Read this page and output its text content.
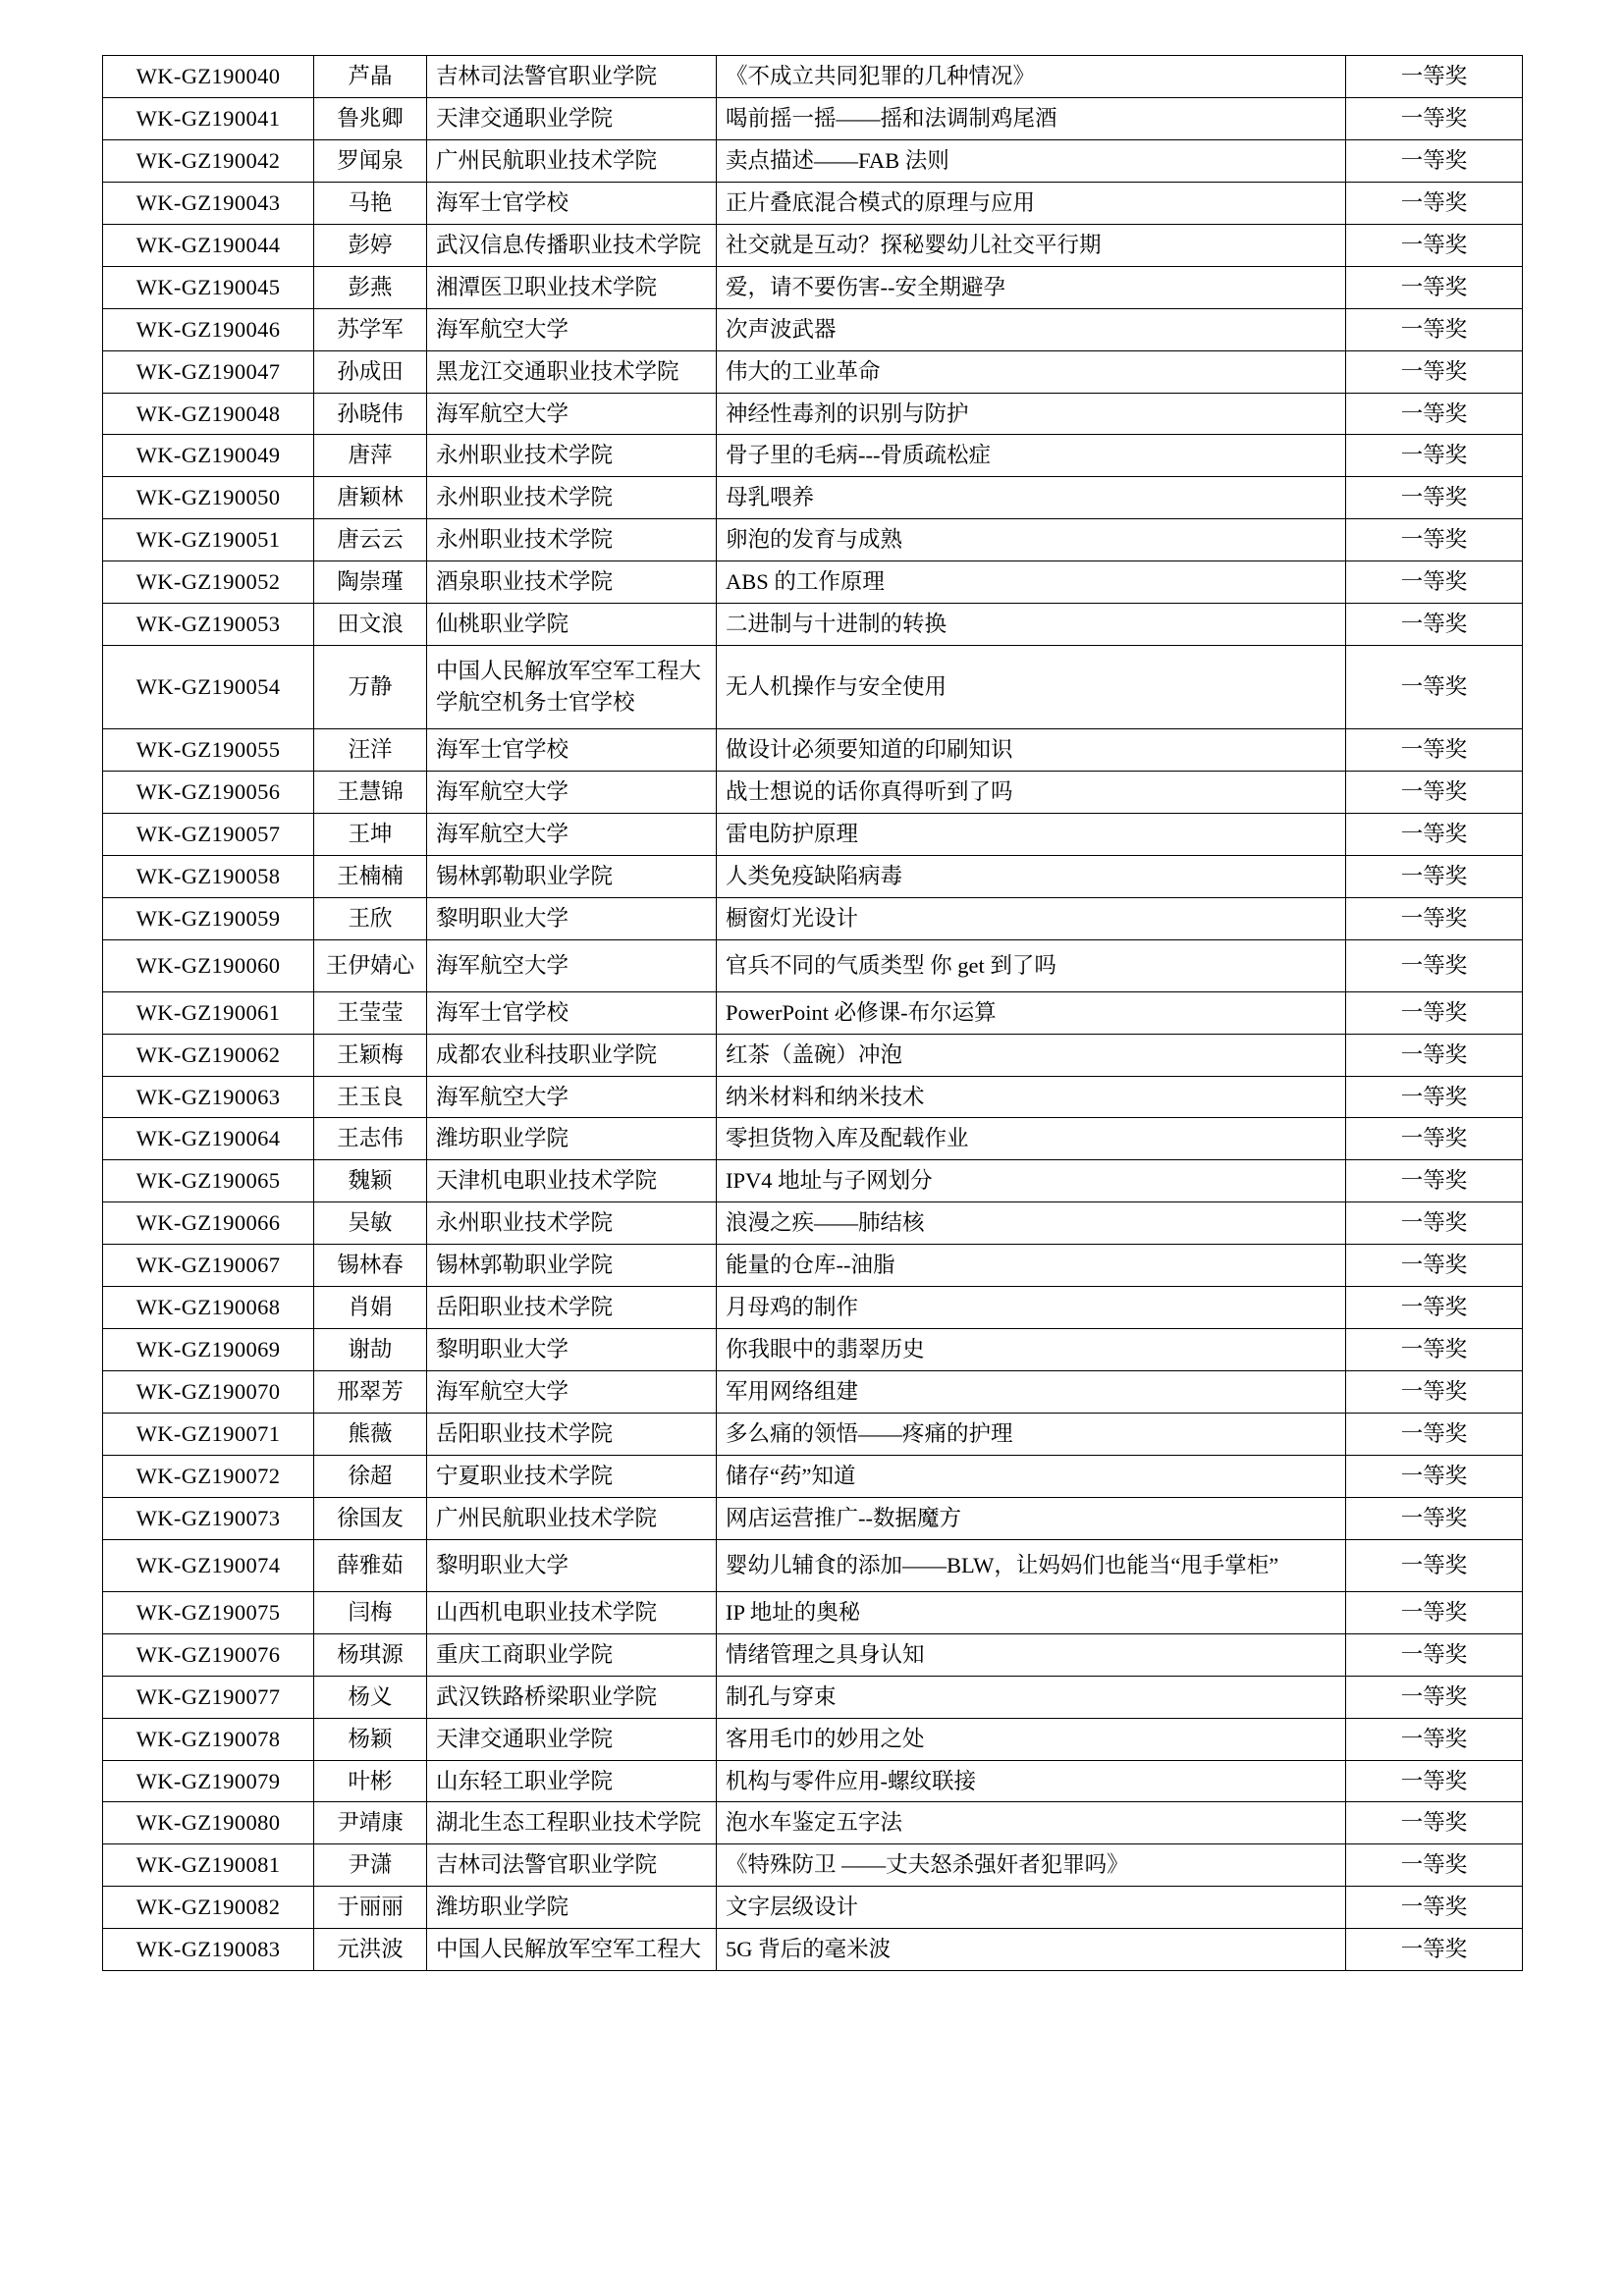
WK-GZ190040	芦晶	吉林司法警官职业学院	《不成立共同犯罪的几种情况》	一等奖
WK-GZ190041	鲁兆卿	天津交通职业学院	喝前摇一摇——摇和法调制鸡尾酒	一等奖
WK-GZ190042	罗闻泉	广州民航职业技术学院	卖点描述——FAB 法则	一等奖
WK-GZ190043	马艳	海军士官学校	正片叠底混合模式的原理与应用	一等奖
WK-GZ190044	彭婷	武汉信息传播职业技术学院	社交就是互动？探秘婴幼儿社交平行期	一等奖
WK-GZ190045	彭燕	湘潭医卫职业技术学院	爱，请不要伤害--安全期避孕	一等奖
WK-GZ190046	苏学军	海军航空大学	次声波武器	一等奖
WK-GZ190047	孙成田	黑龙江交通职业技术学院	伟大的工业革命	一等奖
WK-GZ190048	孙晓伟	海军航空大学	神经性毒剂的识别与防护	一等奖
WK-GZ190049	唐萍	永州职业技术学院	骨子里的毛病---骨质疏松症	一等奖
WK-GZ190050	唐颖林	永州职业技术学院	母乳喂养	一等奖
WK-GZ190051	唐云云	永州职业技术学院	卵泡的发育与成熟	一等奖
WK-GZ190052	陶崇瑾	酒泉职业技术学院	ABS 的工作原理	一等奖
WK-GZ190053	田文浪	仙桃职业学院	二进制与十进制的转换	一等奖
WK-GZ190054	万静	中国人民解放军空军工程大学航空机务士官学校	无人机操作与安全使用	一等奖
WK-GZ190055	汪洋	海军士官学校	做设计必须要知道的印刷知识	一等奖
WK-GZ190056	王慧锦	海军航空大学	战士想说的话你真得听到了吗	一等奖
WK-GZ190057	王坤	海军航空大学	雷电防护原理	一等奖
WK-GZ190058	王楠楠	锡林郭勒职业学院	人类免疫缺陷病毒	一等奖
WK-GZ190059	王欣	黎明职业大学	橱窗灯光设计	一等奖
WK-GZ190060	王伊婧心	海军航空大学	官兵不同的气质类型 你 get 到了吗	一等奖
WK-GZ190061	王莹莹	海军士官学校	PowerPoint 必修课-布尔运算	一等奖
WK-GZ190062	王颖梅	成都农业科技职业学院	红茶（盖碗）冲泡	一等奖
WK-GZ190063	王玉良	海军航空大学	纳米材料和纳米技术	一等奖
WK-GZ190064	王志伟	潍坊职业学院	零担货物入库及配载作业	一等奖
WK-GZ190065	魏颖	天津机电职业技术学院	IPV4 地址与子网划分	一等奖
WK-GZ190066	吴敏	永州职业技术学院	浪漫之疾——肺结核	一等奖
WK-GZ190067	锡林春	锡林郭勒职业学院	能量的仓库--油脂	一等奖
WK-GZ190068	肖娟	岳阳职业技术学院	月母鸡的制作	一等奖
WK-GZ190069	谢劼	黎明职业大学	你我眼中的翡翠历史	一等奖
WK-GZ190070	邢翠芳	海军航空大学	军用网络组建	一等奖
WK-GZ190071	熊薇	岳阳职业技术学院	多么痛的领悟——疼痛的护理	一等奖
WK-GZ190072	徐超	宁夏职业技术学院	储存“药”知道	一等奖
WK-GZ190073	徐国友	广州民航职业技术学院	网店运营推广--数据魔方	一等奖
WK-GZ190074	薛雅茹	黎明职业大学	婴幼儿辅食的添加——BLW，让妈妈们也能当“甩手掌柜”	一等奖
WK-GZ190075	闫梅	山西机电职业技术学院	IP 地址的奥秘	一等奖
WK-GZ190076	杨琪源	重庆工商职业学院	情绪管理之具身认知	一等奖
WK-GZ190077	杨义	武汉铁路桥梁职业学院	制孔与穿束	一等奖
WK-GZ190078	杨颖	天津交通职业学院	客用毛巾的妙用之处	一等奖
WK-GZ190079	叶彬	山东轻工职业学院	机构与零件应用-螺纹联接	一等奖
WK-GZ190080	尹靖康	湖北生态工程职业技术学院	泡水车鉴定五字法	一等奖
WK-GZ190081	尹潇	吉林司法警官职业学院	《特殊防卫 ——丈夫怒杀强奸者犯罪吗》	一等奖
WK-GZ190082	于丽丽	潍坊职业学院	文字层级设计	一等奖
WK-GZ190083	元洪波	中国人民解放军空军工程大	5G 背后的毫米波	一等奖
